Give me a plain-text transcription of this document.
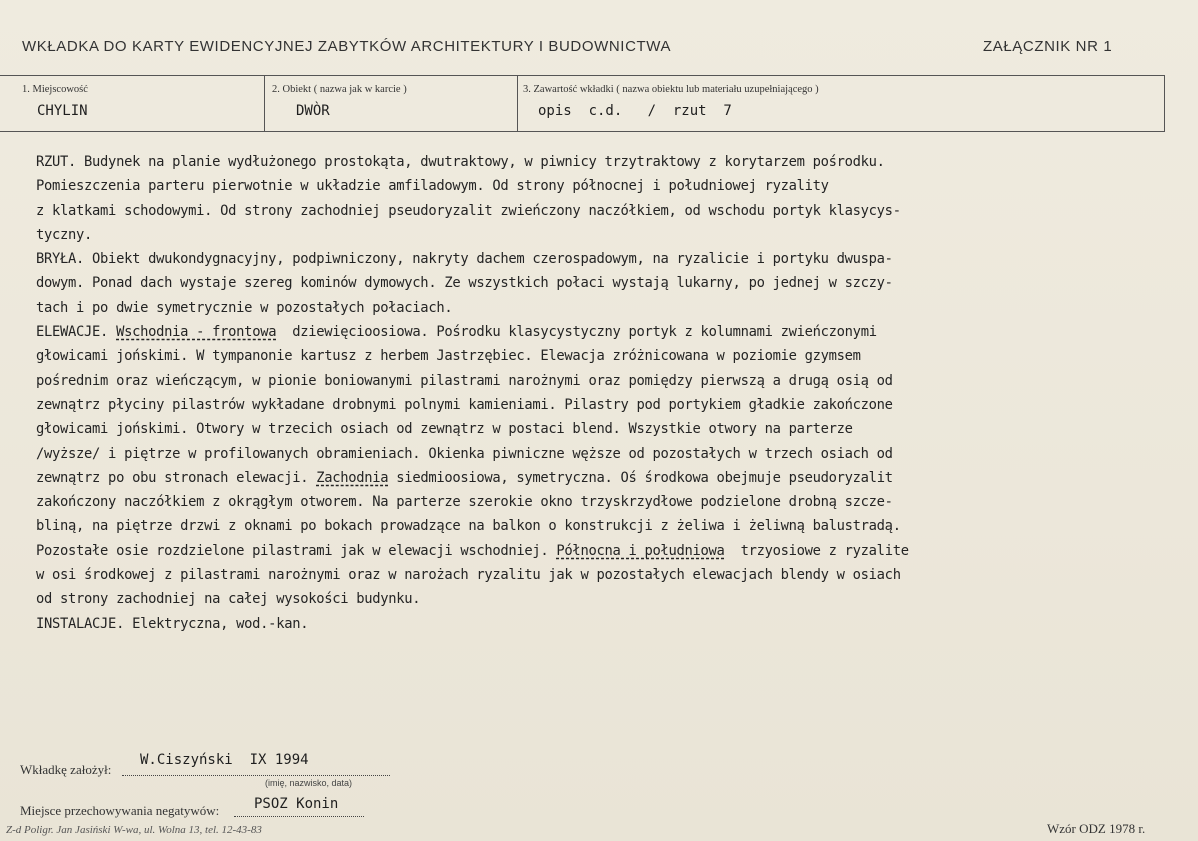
WKŁADKA DO KARTY EWIDENCYJNEJ ZABYTKÓW ARCHITEKTURY I BUDOWNICTWA	ZAŁĄCZNIK NR 1
1. Miejscowość
CHYLIN
2. Obiekt ( nazwa jak w karcie )
DWÒR
3. Zawartość wkładki ( nazwa obiektu lub materiału uzupełniającego )
opis  c.d.   /  rzut  7
RZUT. Budynek na planie wydłużonego prostokąta, dwutraktowy, w piwnicy trzytraktowy z korytarzem pośrodku.
Pomieszczenia parteru pierwotnie w układzie amfiladowym. Od strony północnej i południowej ryzality
z klatkami schodowymi. Od strony zachodniej pseudoryzalit zwieńczony naczółkiem, od wschodu portyk klasycys-
tyczny.
BRYŁA. Obiekt dwukondygnacyjny, podpiwniczony, nakryty dachem czerospadowym, na ryzalicie i portyku dwuspa-
dowym. Ponad dach wystaje szereg kominów dymowych. Ze wszystkich połaci wystają lukarny, po jednej w szczy-
tach i po dwie symetrycznie w pozostałych połaciach.
ELEWACJE. Wschodnia - frontowa  dziewięcioosiowa. Pośrodku klasycystyczny portyk z kolumnami zwieńczonymi
głowicami jońskimi. W tympanonie kartusz z herbem Jastrzębiec. Elewacja zróżnicowana w poziomie gzymsem
pośrednim oraz wieńczącym, w pionie boniowanymi pilastrami narożnymi oraz pomiędzy pierwszą a drugą osią od
zewnątrz płyciny pilastrów wykładane drobnymi polnymi kamieniami. Pilastry pod portykiem gładkie zakończone
głowicami jońskimi. Otwory w trzecich osiach od zewnątrz w postaci blend. Wszystkie otwory na parterze
/wyższe/ i piętrze w profilowanych obramieniach. Okienka piwniczne węższe od pozostałych w trzech osiach od
zewnątrz po obu stronach elewacji. Zachodnia siedmioosiowa, symetryczna. Oś środkowa obejmuje pseudoryzalit
zakończony naczółkiem z okrągłym otworem. Na parterze szerokie okno trzyskrzydłowe podzielone drobną szcze-
bliną, na piętrze drzwi z oknami po bokach prowadzące na balkon o konstrukcji z żeliwa i żeliwną balustradą.
Pozostałe osie rozdzielone pilastrami jak w elewacji wschodniej. Północna i południowa  trzyosiowe z ryzalite
w osi środkowej z pilastrami narożnymi oraz w narożach ryzalitu jak w pozostałych elewacjach blendy w osiach
od strony zachodniej na całej wysokości budynku.
INSTALACJE. Elektryczna, wod.-kan.
Wkładkę założył:
W.Ciszyński  IX 1994
(imię, nazwisko, data)
Miejsce przechowywania negatywów: PSOZ Konin
Z-d Poligr. Jan Jasiński W-wa, ul. Wolna 13, tel. 12-43-83	Wzór ODZ 1978 r.
